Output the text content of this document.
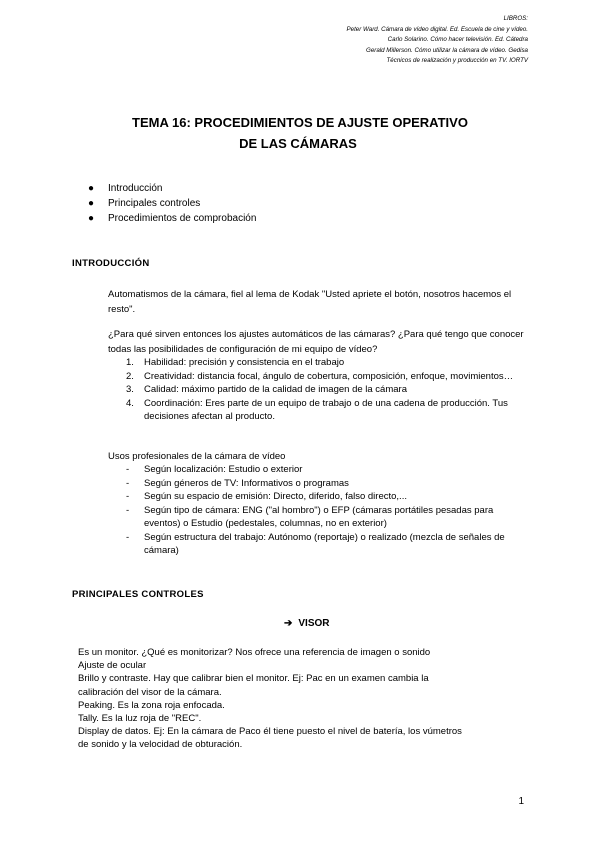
LIBROS:
Peter Ward. Cámara de vídeo digital. Ed. Escuela de cine y vídeo.
Carlo Solarino. Cómo hacer televisión. Ed. Cátedra
Gerald Millerson. Cómo utilizar la cámara de vídeo. Gedisa
Técnicos de realización y producción en TV. IORTV
TEMA 16: PROCEDIMIENTOS DE AJUSTE OPERATIVO
DE LAS CÁMARAS
● Introducción
● Principales controles
● Procedimientos de comprobación
INTRODUCCIÓN
Automatismos de la cámara, fiel al lema de Kodak "Usted apriete el botón, nosotros hacemos el resto".
¿Para qué sirven entonces los ajustes automáticos de las cámaras? ¿Para qué tengo que conocer todas las posibilidades de configuración de mi equipo de vídeo?
1. Habilidad: precisión y consistencia en el trabajo
2. Creatividad: distancia focal, ángulo de cobertura, composición, enfoque, movimientos…
3. Calidad: máximo partido de la calidad de imagen de la cámara
4. Coordinación: Eres parte de un equipo de trabajo o de una cadena de producción. Tus decisiones afectan al producto.
Usos profesionales de la cámara de vídeo
- Según localización: Estudio o exterior
- Según géneros de TV: Informativos o programas
- Según su espacio de emisión: Directo, diferido, falso directo,...
- Según tipo de cámara: ENG ("al hombro") o EFP (cámaras portátiles pesadas para eventos) o Estudio (pedestales, columnas, no en exterior)
- Según estructura del trabajo: Autónomo (reportaje) o realizado (mezcla de señales de cámara)
PRINCIPALES CONTROLES
➔ VISOR
Es un monitor. ¿Qué es monitorizar? Nos ofrece una referencia de imagen o sonido
Ajuste de ocular
Brillo y contraste. Hay que calibrar bien el monitor. Ej: Pac en un examen cambia la
calibración del visor de la cámara.
Peaking. Es la zona roja enfocada.
Tally. Es la luz roja de "REC".
Display de datos. Ej: En la cámara de Paco él tiene puesto el nivel de batería, los vúmetros
de sonido y la velocidad de obturación.
1
